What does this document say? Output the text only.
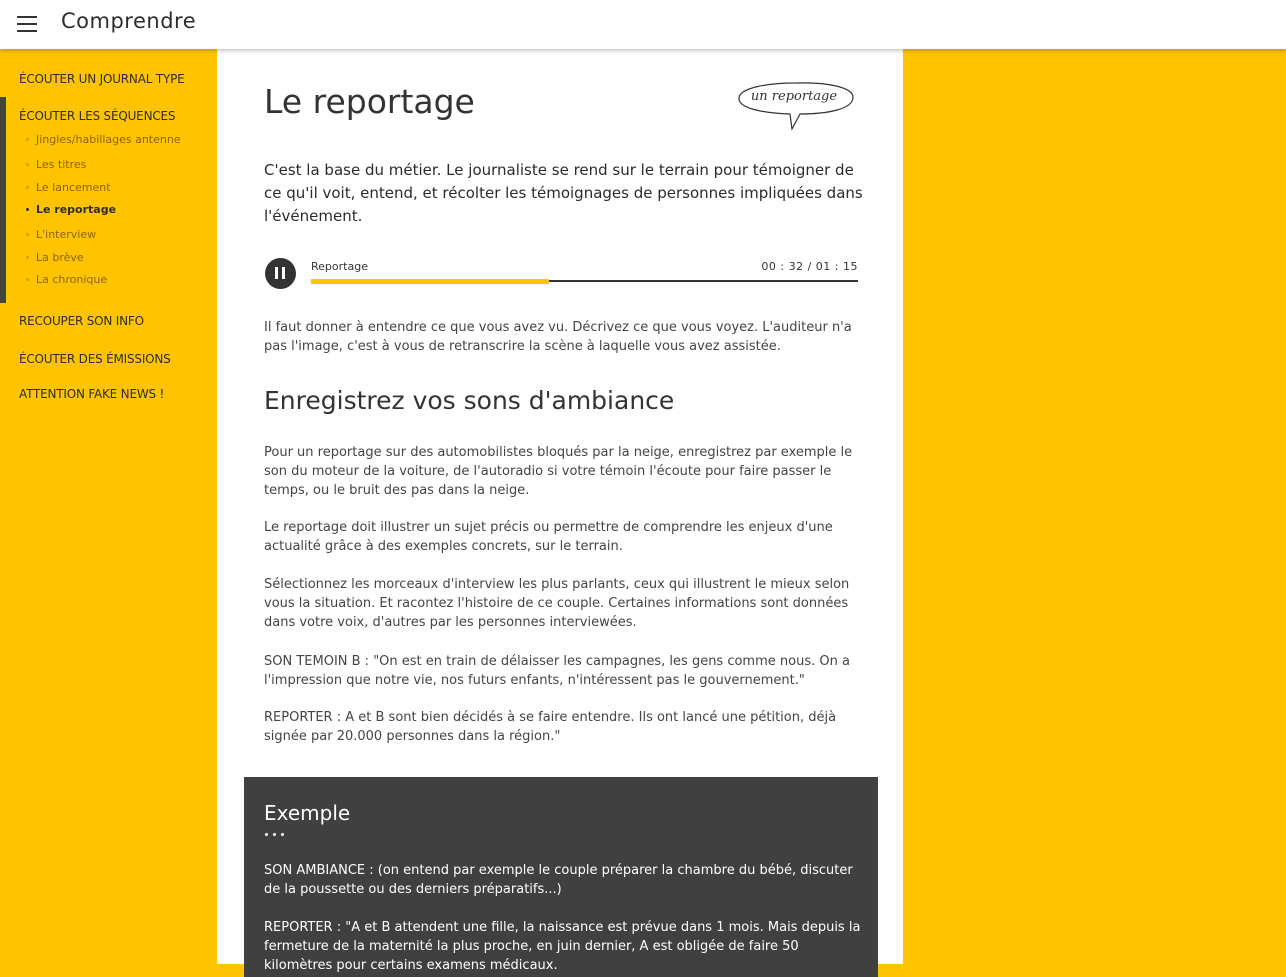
Comprendre
ÉCOUTER UN JOURNAL TYPE
ÉCOUTER LES SÉQUENCES
Jingles/habillages antenne
Les titres
Le lancement
Le reportage
L'interview
La brève
La chronique
RECOUPER SON INFO
ÉCOUTER DES ÉMISSIONS
ATTENTION FAKE NEWS !
Le reportage	un reportage

C'est la base du métier. Le journaliste se rend sur le terrain pour témoigner de ce qu'il voit, entend, et récolter les témoignages de personnes impliquées dans l'événement.

Reportage	00 : 32 / 01 : 15

Il faut donner à entendre ce que vous avez vu. Décrivez ce que vous voyez. L'auditeur n'a pas l'image, c'est à vous de retranscrire la scène à laquelle vous avez assistée.

Enregistrez vos sons d'ambiance

Pour un reportage sur des automobilistes bloqués par la neige, enregistrez par exemple le son du moteur de la voiture, de l'autoradio si votre témoin l'écoute pour faire passer le temps, ou le bruit des pas dans la neige.

Le reportage doit illustrer un sujet précis ou permettre de comprendre les enjeux d'une actualité grâce à des exemples concrets, sur le terrain.

Sélectionnez les morceaux d'interview les plus parlants, ceux qui illustrent le mieux selon vous la situation. Et racontez l'histoire de ce couple. Certaines informations sont données dans votre voix, d'autres par les personnes interviewées.

SON TEMOIN B : "On est en train de délaisser les campagnes, les gens comme nous. On a l'impression que notre vie, nos futurs enfants, n'intéressent pas le gouvernement."

REPORTER : A et B sont bien décidés à se faire entendre. Ils ont lancé une pétition, déjà signée par 20.000 personnes dans la région."

Exemple

SON AMBIANCE : (on entend par exemple le couple préparer la chambre du bébé, discuter de la poussette ou des derniers préparatifs...)

REPORTER : "A et B attendent une fille, la naissance est prévue dans 1 mois. Mais depuis la fermeture de la maternité la plus proche, en juin dernier, A est obligée de faire 50 kilomètres pour certains examens médicaux.
